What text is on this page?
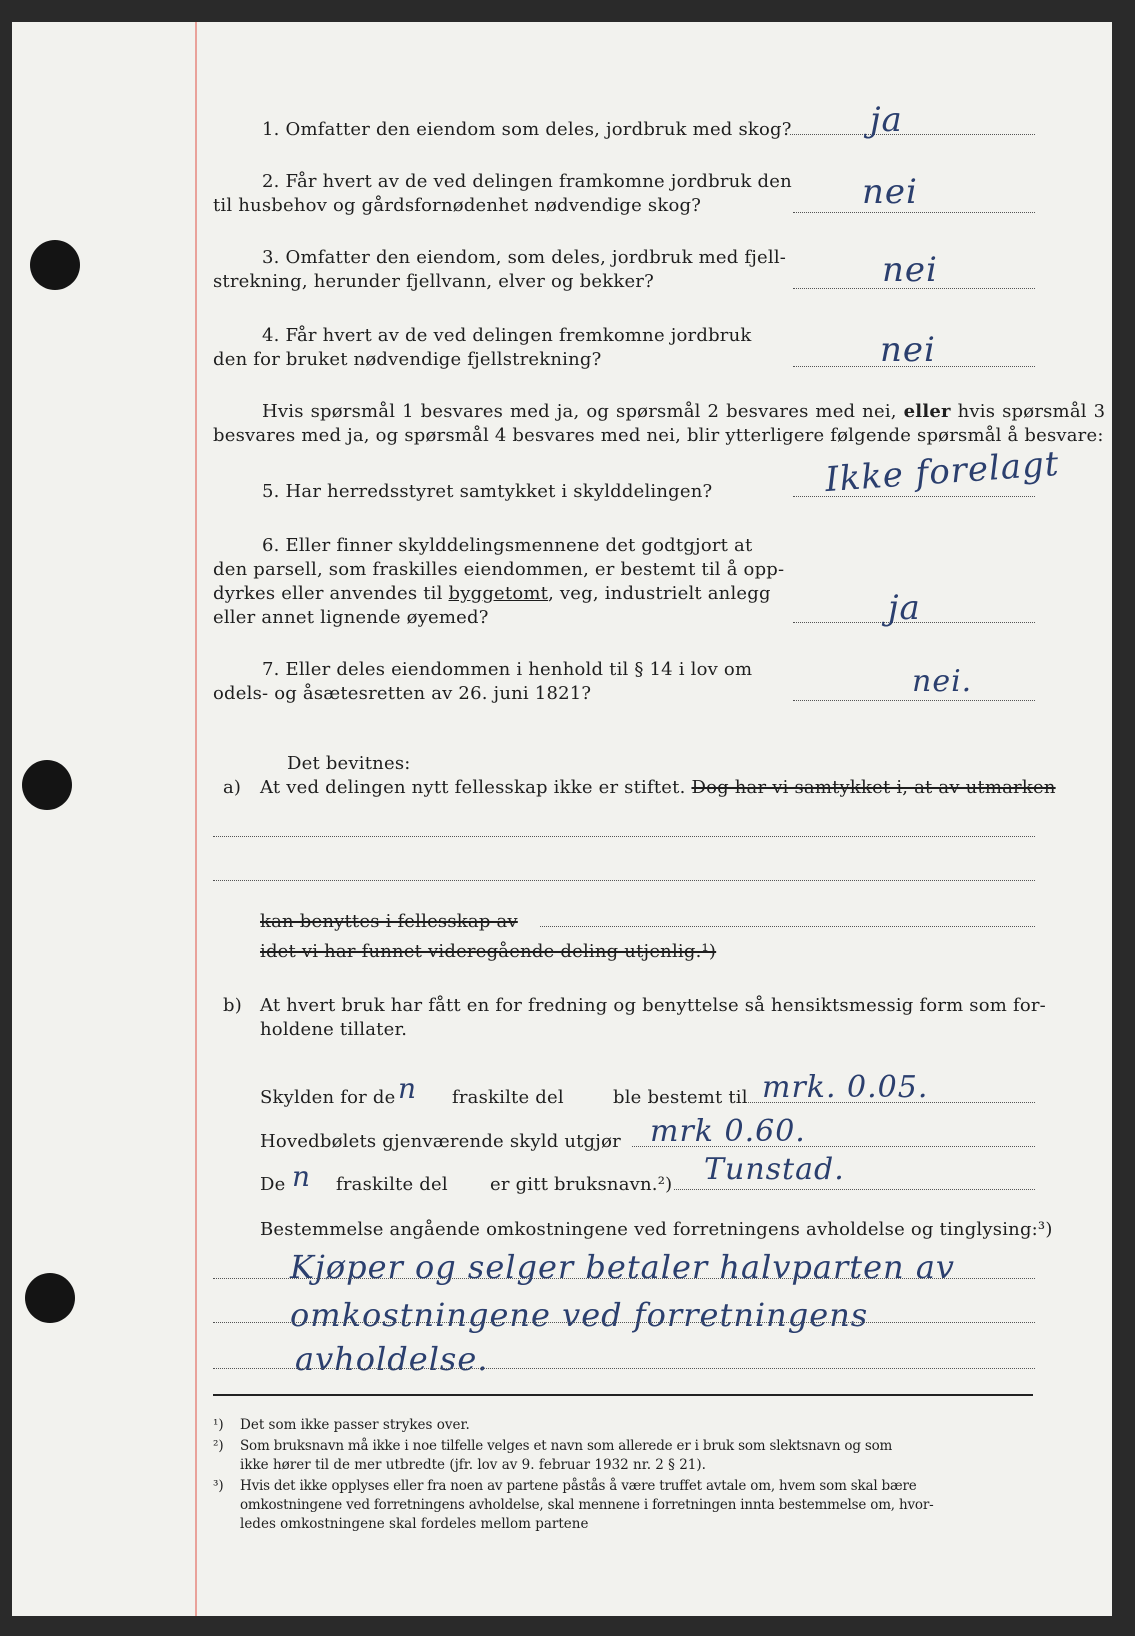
1. Omfatter den eiendom som deles, jordbruk med skog? ja
2. Får hvert av de ved delingen framkomne jordbruk den
til husbehov og gårdsfornødenhet nødvendige skog?	nei
3. Omfatter den eiendom, som deles, jordbruk med fjell-
strekning, herunder fjellvann, elver og bekker?	nei
4. Får hvert av de ved delingen fremkomne jordbruk
den for bruket nødvendige fjellstrekning?	nei
Hvis spørsmål 1 besvares med ja, og spørsmål 2 besvares med nei, eller hvis spørsmål 3
besvares med ja, og spørsmål 4 besvares med nei, blir ytterligere følgende spørsmål å besvare:
5. Har herredsstyret samtykket i skylddelingen?	Ikke forelagt
6. Eller finner skylddelingsmennene det godtgjort at
den parsell, som fraskilles eiendommen, er bestemt til å opp-
dyrkes eller anvendes til byggetomt, veg, industrielt anlegg
eller annet lignende øyemed?	ja
7. Eller deles eiendommen i henhold til § 14 i lov om
odels- og åsætesretten av 26. juni 1821?	nei.
Det bevitnes:
a) At ved delingen nytt fellesskap ikke er stiftet. Dog har vi samtykket i, at av utmarken
kan benyttes i fellesskap av
idet vi har funnet videregående deling utjenlig.¹)
b) At hvert bruk har fått en for fredning og benyttelse så hensiktsmessig form som for-
holdene tillater.
Skylden for de n fraskilte del	ble bestemt til mrk. 0.05.
Hovedbølets gjenværende skyld utgjør mrk 0.60.
De n fraskilte del er gitt bruksnavn.²) Tunstad.
Bestemmelse angående omkostningene ved forretningens avholdelse og tinglysing:³)
Kjøper og selger betaler halvparten av
omkostningene ved forretningens
avholdelse.
¹) Det som ikke passer strykes over.
²) Som bruksnavn må ikke i noe tilfelle velges et navn som allerede er i bruk som slektsnavn og som
ikke hører til de mer utbredte (jfr. lov av 9. februar 1932 nr. 2 § 21).
³) Hvis det ikke opplyses eller fra noen av partene påstås å være truffet avtale om, hvem som skal bære
omkostningene ved forretningens avholdelse, skal mennene i forretningen innta bestemmelse om, hvor-
ledes omkostningene skal fordeles mellom partene
